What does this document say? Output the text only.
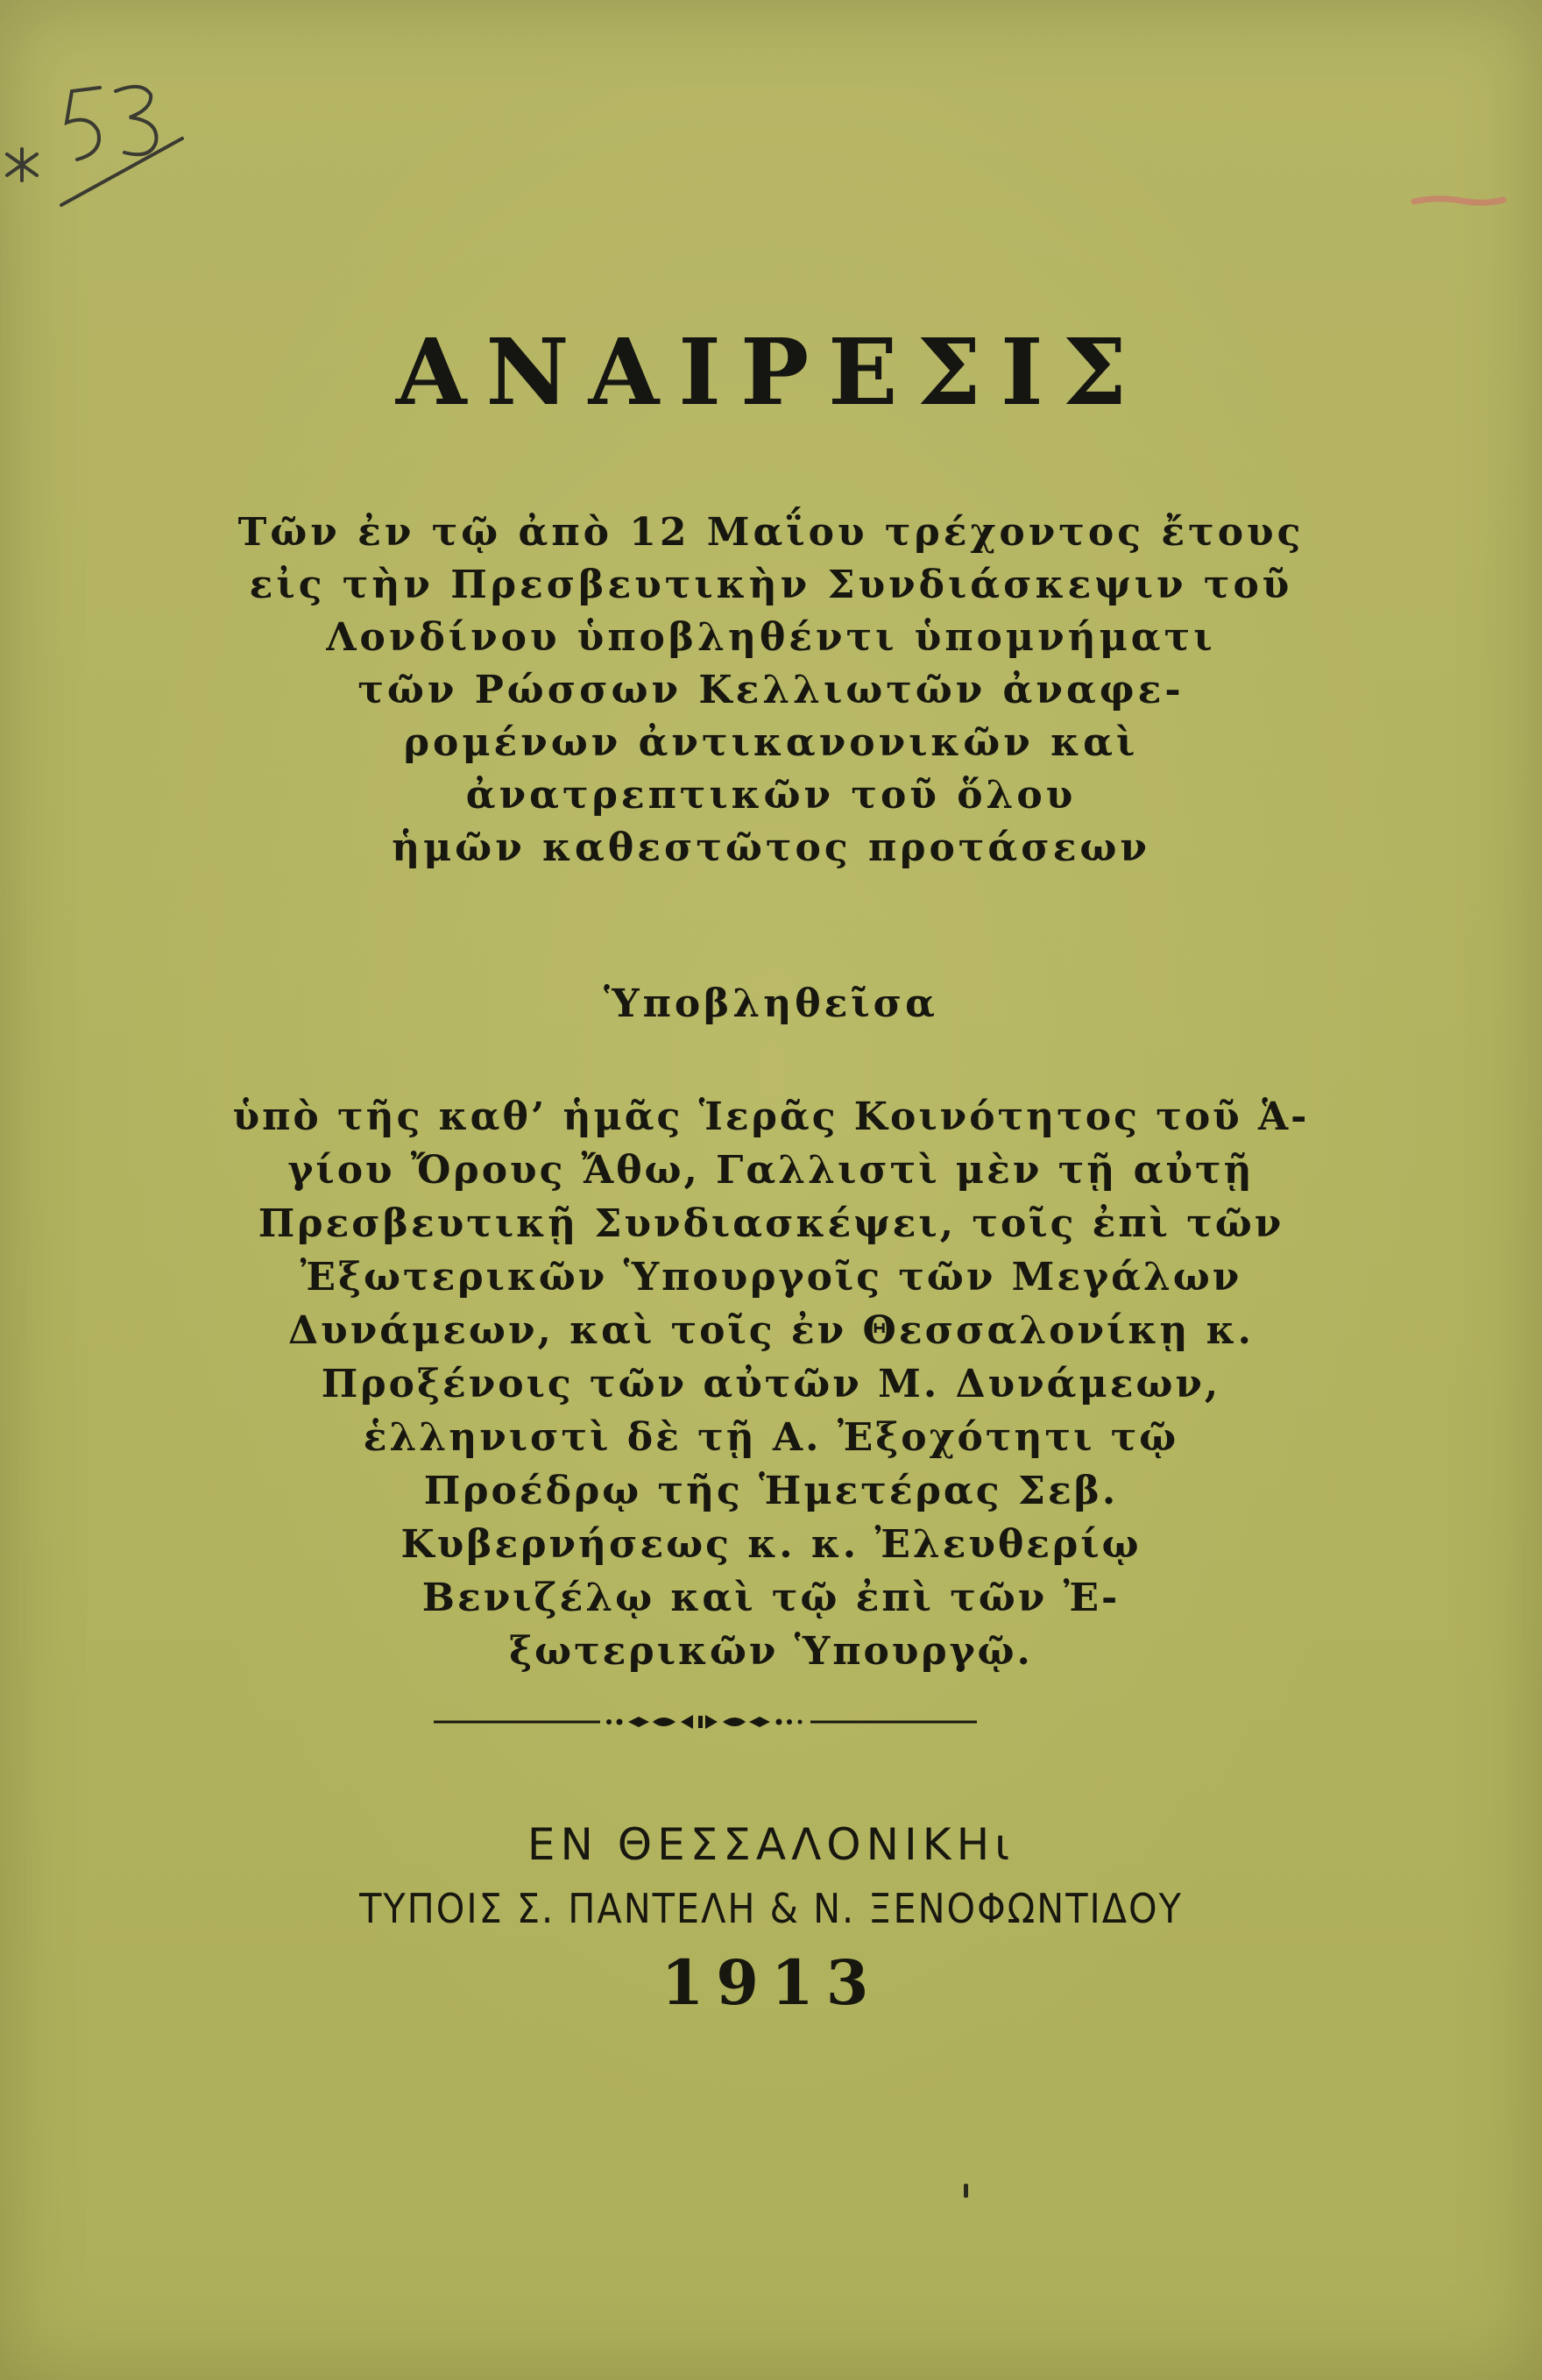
ΑΝΑΙΡΕΣΙΣ
Τῶν ἐν τῷ ἀπὸ 12 Μαΐου τρέχοντος ἔτους
εἰς τὴν Πρεσβευτικὴν Συνδιάσκεψιν τοῦ
Λονδίνου ὑποβληθέντι ὑπομνήματι
τῶν Ρώσσων Κελλιωτῶν ἀναφε-
ρομένων ἀντικανονικῶν καὶ
ἀνατρεπτικῶν τοῦ ὅλου
ἡμῶν καθεστῶτος προτάσεων
Ὑποβληθεῖσα
ὑπὸ τῆς καθ’ ἡμᾶς Ἱερᾶς Κοινότητος τοῦ Ἁ-
γίου Ὄρους Ἄθω, Γαλλιστὶ μὲν τῇ αὐτῇ
Πρεσβευτικῇ Συνδιασκέψει, τοῖς ἐπὶ τῶν
Ἐξωτερικῶν Ὑπουργοῖς τῶν Μεγάλων
Δυνάμεων, καὶ τοῖς ἐν Θεσσαλονίκῃ κ.
Προξένοις τῶν αὐτῶν Μ. Δυνάμεων,
ἑλληνιστὶ δὲ τῇ Α. Ἐξοχότητι τῷ
Προέδρῳ τῆς Ἡμετέρας Σεβ.
Κυβερνήσεως κ. κ. Ἐλευθερίῳ
Βενιζέλῳ καὶ τῷ ἐπὶ τῶν Ἐ-
ξωτερικῶν Ὑπουργῷ.
ΕΝ ΘΕΣΣΑΛΟΝΙΚΗι
ΤΥΠΟΙΣ Σ. ΠΑΝΤΕΛΗ & Ν. ΞΕΝΟΦΩΝΤΙΔΟΥ
1913
